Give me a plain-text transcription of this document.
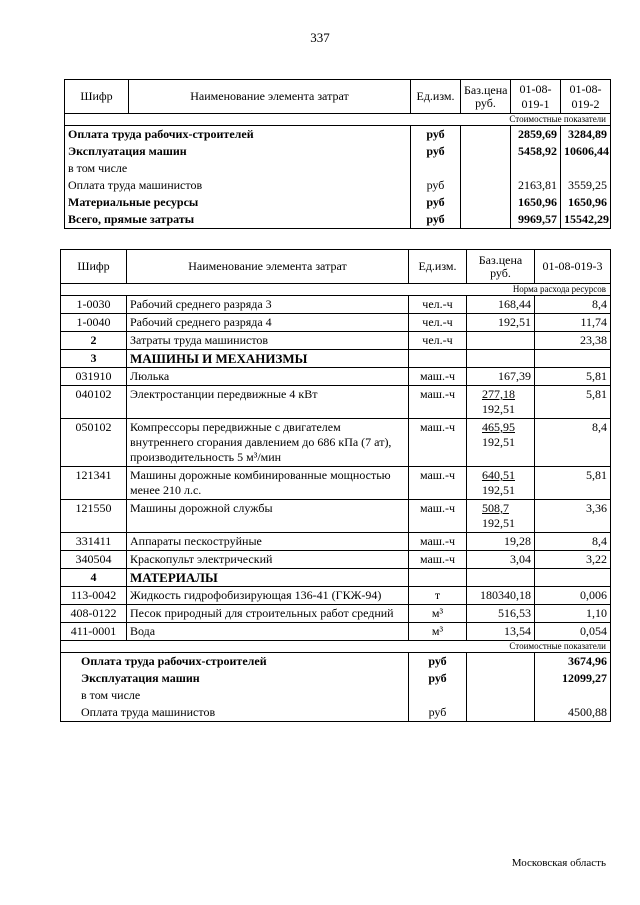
337
Шифр	Наименование элемента затрат	Ед.изм.	Баз.цена руб.	01-08-019-1	01-08-019-2
Стоимостные показатели					
Оплата труда рабочих-строителей		руб		2859,69	3284,89
Эксплуатация машин		руб		5458,92	10606,44
в том числе					
Оплата труда машинистов		руб		2163,81	3559,25
Материальные ресурсы		руб		1650,96	1650,96
Всего, прямые затраты		руб		9969,57	15542,29
Шифр	Наименование элемента затрат	Ед.изм.	Баз.цена руб.	01-08-019-3
Норма расхода ресурсов				
1-0030	Рабочий среднего разряда 3	чел.-ч	168,44	8,4
1-0040	Рабочий среднего разряда 4	чел.-ч	192,51	11,74
2	Затраты труда машинистов	чел.-ч		23,38
3	МАШИНЫ И МЕХАНИЗМЫ		

031910	Люлька	маш.-ч	167,39	5,81
040102	Электростанции передвижные 4 кВт	маш.-ч	277,18
192,51	5,81
050102	Компрессоры передвижные с двигателем внутреннего сгорания давлением до 686 кПа (7 ат), производительность 5 м³/мин	маш.-ч	465,95
192,51	8,4
121341	Машины дорожные комбинированные мощностью менее 210 л.с.	маш.-ч	640,51
192,51	5,81
121550	Машины дорожной службы	маш.-ч	508,7
192,51	3,36
331411	Аппараты пескоструйные	маш.-ч	19,28	8,4
340504	Краскопульт электрический	маш.-ч	3,04	3,22
4	МАТЕРИАЛЫ		

113-0042	Жидкость гидрофобизирующая 136-41 (ГКЖ-94)	т	180340,18	0,006
408-0122	Песок природный для строительных работ средний	м³	516,53	1,10
411-0001	Вода	м³	13,54	0,054
Стоимостные показатели				
Оплата труда рабочих-строителей		руб		3674,96
Эксплуатация машин		руб		12099,27
в том числе				
Оплата труда машинистов		руб		4500,88
Московская область
